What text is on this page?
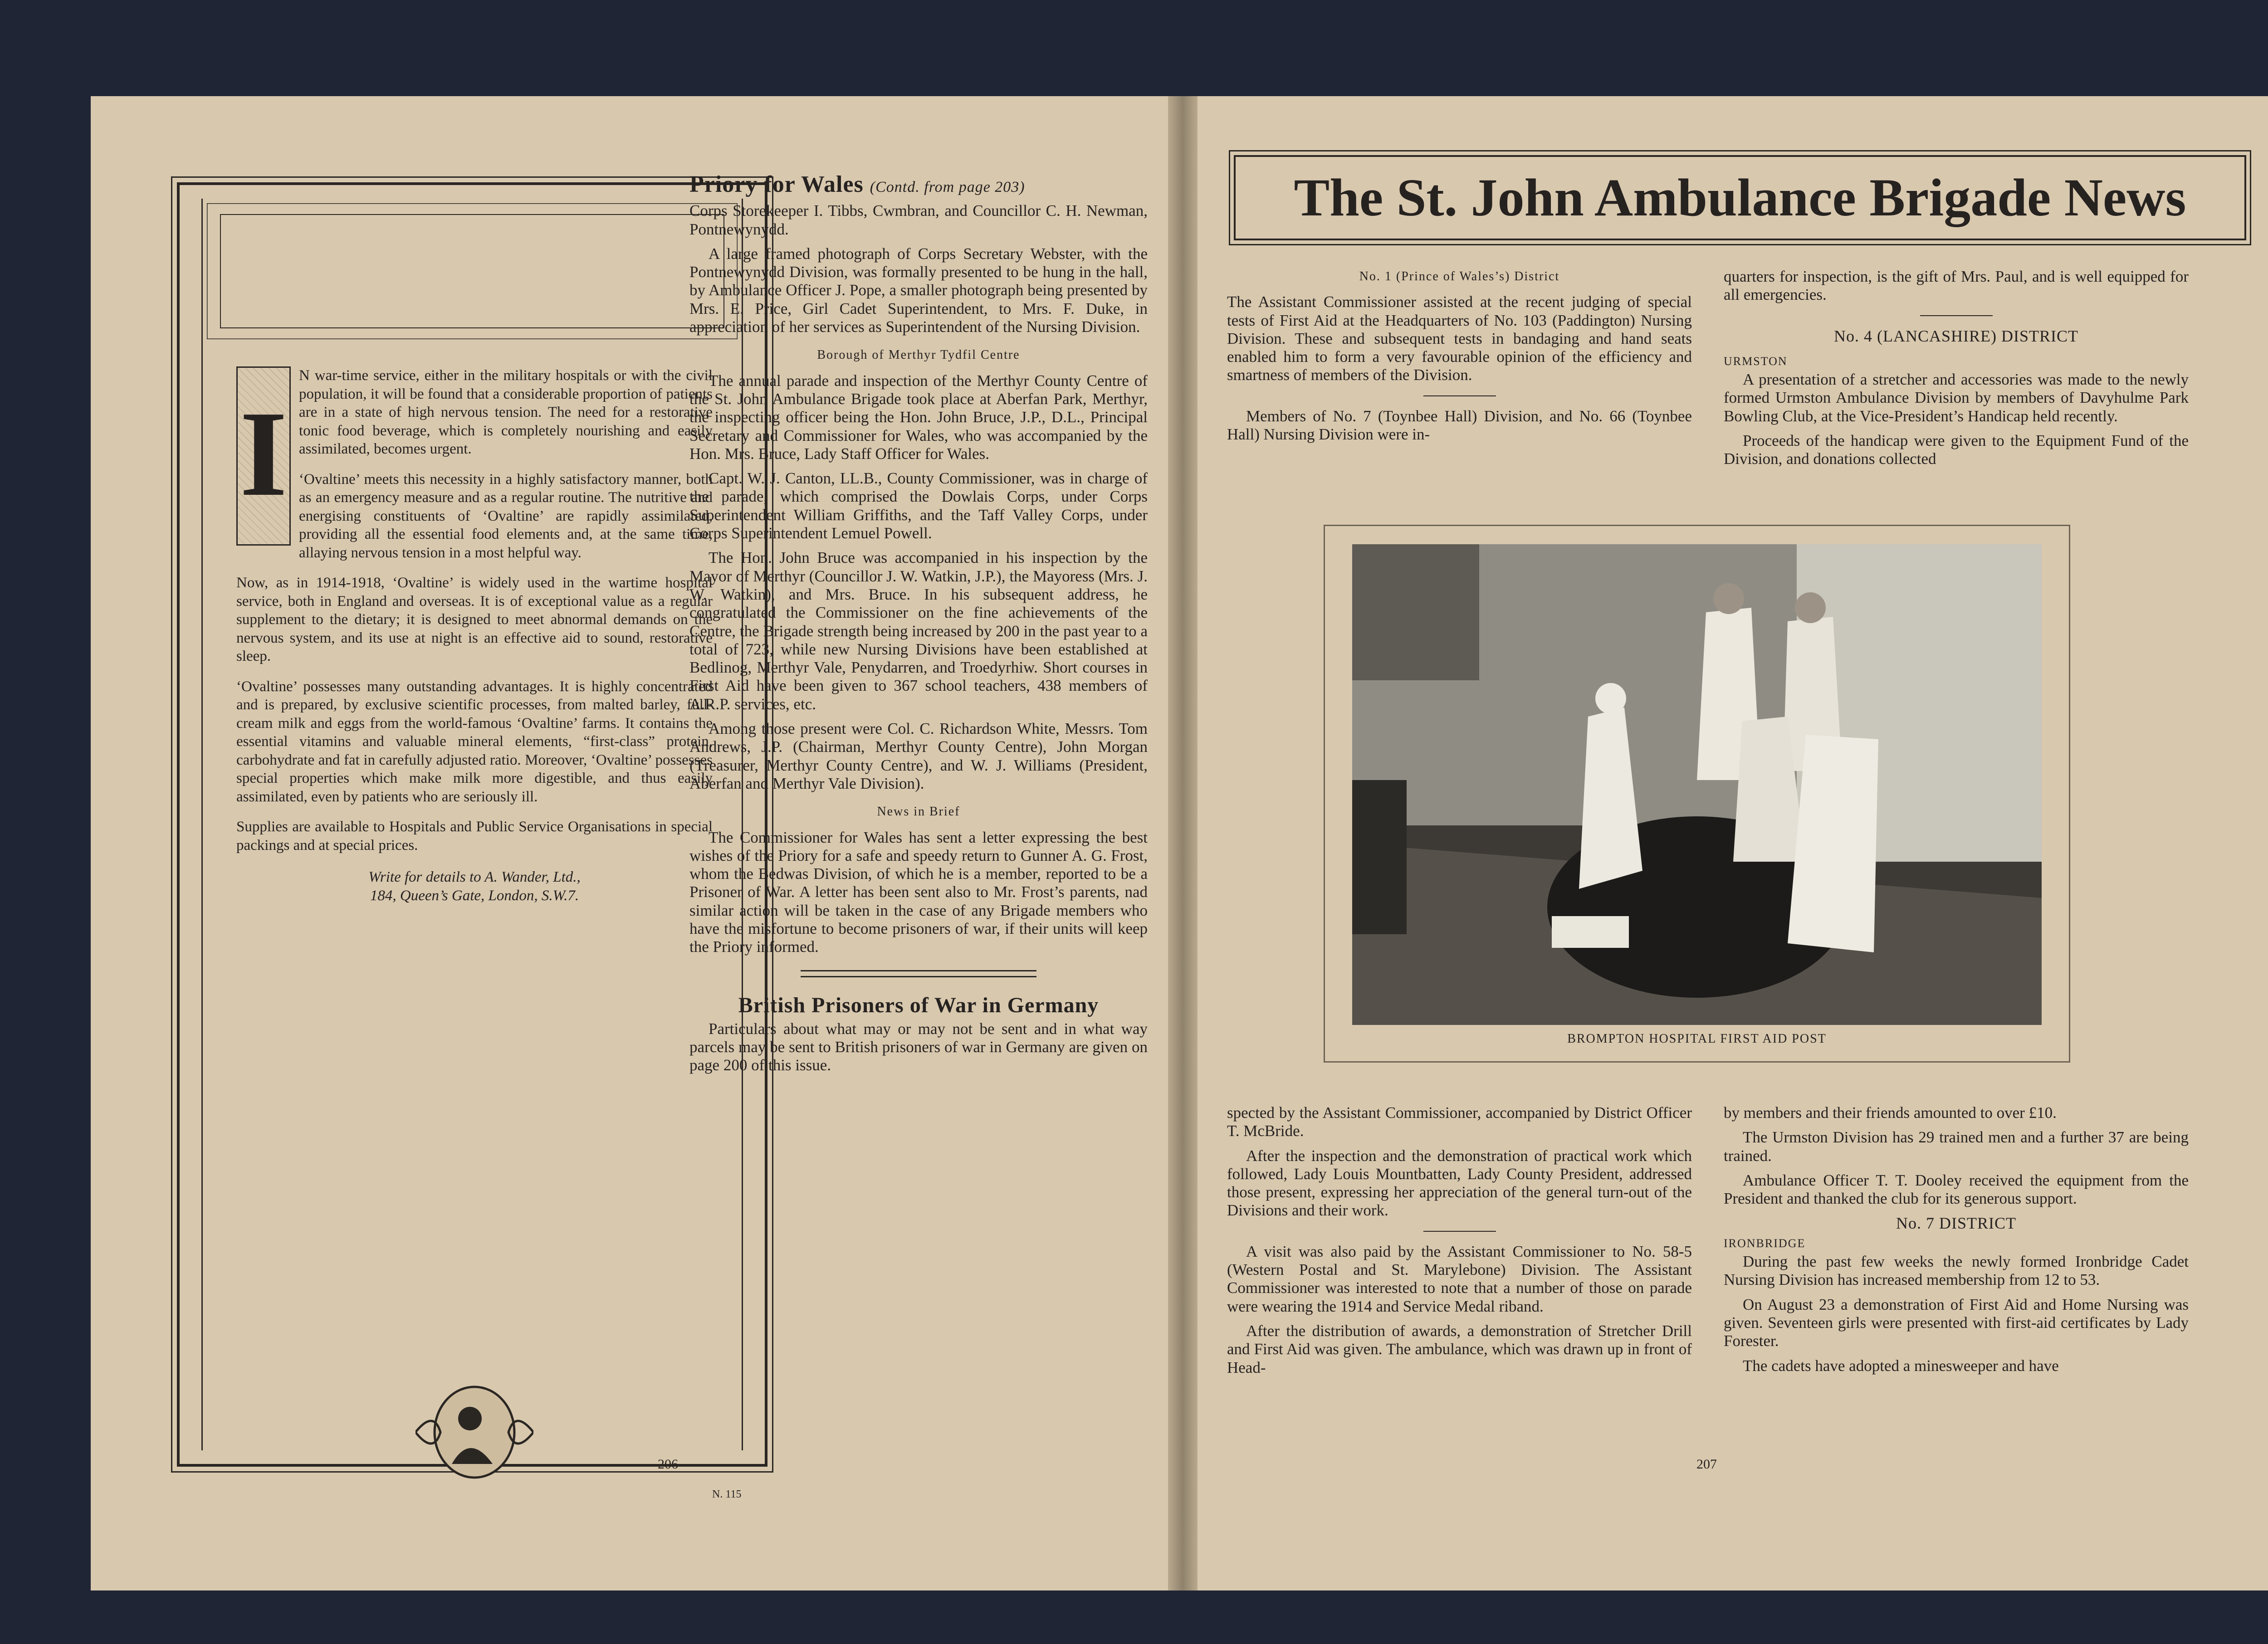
I
N war-time service, either in the military hospitals or with the civil population, it will be found that a considerable proportion of patients are in a state of high nervous tension. The need for a restorative tonic food beverage, which is completely nourishing and easily assimilated, becomes urgent.

‘Ovaltine’ meets this necessity in a highly satisfactory manner, both as an emergency measure and as a regular routine. The nutritive and energising constituents of ‘Ovaltine’ are rapidly assimilated, providing all the essential food elements and, at the same time, allaying nervous tension in a most helpful way.

Now, as in 1914-1918, ‘Ovaltine’ is widely used in the wartime hospital service, both in England and overseas. It is of exceptional value as a regular supplement to the dietary; it is designed to meet abnormal demands on the nervous system, and its use at night is an effective aid to sound, restorative sleep.

‘Ovaltine’ possesses many outstanding advantages. It is highly concentrated and is prepared, by exclusive scientific processes, from malted barley, full-cream milk and eggs from the world-famous ‘Ovaltine’ farms. It contains the essential vitamins and valuable mineral elements, “first-class” protein, carbohydrate and fat in carefully adjusted ratio. Moreover, ‘Ovaltine’ possesses special properties which make milk more digestible, and thus easily assimilated, even by patients who are seriously ill.

Supplies are available to Hospitals and Public Service Organisations in special packings and at special prices.

Write for details to A. Wander, Ltd.,
184, Queen’s Gate, London, S.W.7.
N. 115
Priory for Wales (Contd. from page 203)

Corps Storekeeper I. Tibbs, Cwmbran, and Councillor C. H. Newman, Pontnewynydd.

A large framed photograph of Corps Secretary Webster, with the Pontnewynydd Division, was formally presented to be hung in the hall, by Ambulance Officer J. Pope, a smaller photograph being presented by Mrs. E. Price, Girl Cadet Superintendent, to Mrs. F. Duke, in appreciation of her services as Superintendent of the Nursing Division.

Borough of Merthyr Tydfil Centre

The annual parade and inspection of the Merthyr County Centre of the St. John Ambulance Brigade took place at Aberfan Park, Merthyr, the inspecting officer being the Hon. John Bruce, J.P., D.L., Principal Secretary and Commissioner for Wales, who was accompanied by the Hon. Mrs. Bruce, Lady Staff Officer for Wales.

Capt. W. J. Canton, LL.B., County Commissioner, was in charge of the parade, which comprised the Dowlais Corps, under Corps Superintendent William Griffiths, and the Taff Valley Corps, under Corps Superintendent Lemuel Powell.

The Hon. John Bruce was accompanied in his inspection by the Mayor of Merthyr (Councillor J. W. Watkin, J.P.), the Mayoress (Mrs. J. W. Watkin), and Mrs. Bruce. In his subsequent address, he congratulated the Commissioner on the fine achievements of the Centre, the Brigade strength being increased by 200 in the past year to a total of 723, while new Nursing Divisions have been established at Bedlinog, Merthyr Vale, Penydarren, and Troedyrhiw. Short courses in First Aid have been given to 367 school teachers, 438 members of A.R.P. services, etc.

Among those present were Col. C. Richardson White, Messrs. Tom Andrews, J.P. (Chairman, Merthyr County Centre), John Morgan (Treasurer, Merthyr County Centre), and W. J. Williams (President, Aberfan and Merthyr Vale Division).

News in Brief

The Commissioner for Wales has sent a letter expressing the best wishes of the Priory for a safe and speedy return to Gunner A. G. Frost, whom the Bedwas Division, of which he is a member, reported to be a Prisoner of War. A letter has been sent also to Mr. Frost’s parents, nad similar action will be taken in the case of any Brigade members who have the misfortune to become prisoners of war, if their units will keep the Priory informed.

British Prisoners of War in Germany

Particulars about what may or may not be sent and in what way parcels may be sent to British prisoners of war in Germany are given on page 200 of this issue.

206
The St. John Ambulance Brigade News
No. 1 (Prince of Wales’s) District

The Assistant Commissioner assisted at the recent judging of special tests of First Aid at the Headquarters of No. 103 (Paddington) Nursing Division. These and subsequent tests in bandaging and hand seats enabled him to form a very favourable opinion of the efficiency and smartness of members of the Division.

Members of No. 7 (Toynbee Hall) Division, and No. 66 (Toynbee Hall) Nursing Division were in-

quarters for inspection, is the gift of Mrs. Paul, and is well equipped for all emergencies.

No. 4 (LANCASHIRE) DISTRICT

URMSTON

A presentation of a stretcher and accessories was made to the newly formed Urmston Ambulance Division by members of Davyhulme Park Bowling Club, at the Vice-President’s Handicap held recently.

Proceeds of the handicap were given to the Equipment Fund of the Division, and donations collected

BROMPTON HOSPITAL FIRST AID POST

spected by the Assistant Commissioner, accompanied by District Officer T. McBride.

After the inspection and the demonstration of practical work which followed, Lady Louis Mountbatten, Lady County President, addressed those present, expressing her appreciation of the general turn-out of the Divisions and their work.

A visit was also paid by the Assistant Commissioner to No. 58-5 (Western Postal and St. Marylebone) Division. The Assistant Commissioner was interested to note that a number of those on parade were wearing the 1914 and Service Medal riband.

After the distribution of awards, a demonstration of Stretcher Drill and First Aid was given. The ambulance, which was drawn up in front of Head-

by members and their friends amounted to over £10.

The Urmston Division has 29 trained men and a further 37 are being trained.

Ambulance Officer T. T. Dooley received the equipment from the President and thanked the club for its generous support.

No. 7 DISTRICT

IRONBRIDGE

During the past few weeks the newly formed Ironbridge Cadet Nursing Division has increased membership from 12 to 53.

On August 23 a demonstration of First Aid and Home Nursing was given. Seventeen girls were presented with first-aid certificates by Lady Forester.

The cadets have adopted a minesweeper and have

207
